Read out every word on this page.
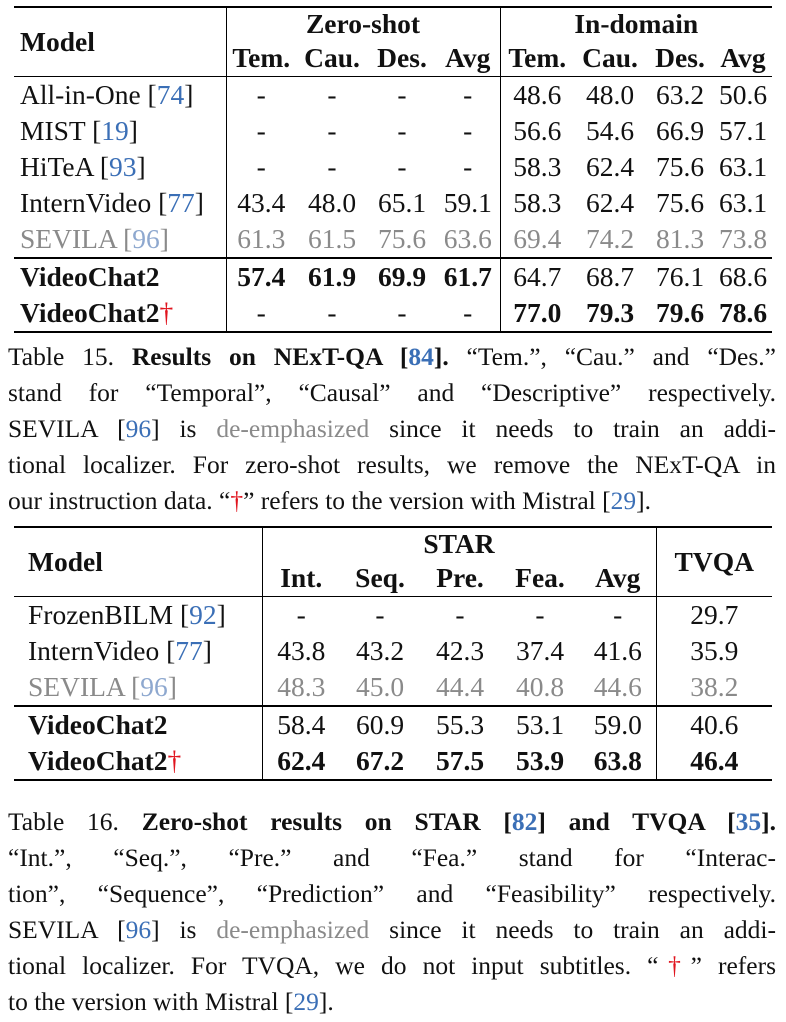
Model	Zero-shot				In-domain			
	Tem.	Cau.	Des.	Avg	Tem.	Cau.	Des.	Avg
All-in-One [74]	-	-	-	-	48.6	48.0	63.2	50.6
MIST [19]	-	-	-	-	56.6	54.6	66.9	57.1
HiTeA [93]	-	-	-	-	58.3	62.4	75.6	63.1
InternVideo [77]	43.4	48.0	65.1	59.1	58.3	62.4	75.6	63.1
SEVILA [96]	61.3	61.5	75.6	63.6	69.4	74.2	81.3	73.8
VideoChat2	57.4	61.9	69.9	61.7	64.7	68.7	76.1	68.6
VideoChat2†	-	-	-	-	77.0	79.3	79.6	78.6
Table 15. Results on NExT-QA [84]. “Tem.”, “Cau.” and “Des.”
stand for “Temporal”, “Causal” and “Descriptive” respectively.
SEVILA [96] is de-emphasized since it needs to train an addi-
tional localizer. For zero-shot results, we remove the NExT-QA in
our instruction data. “†” refers to the version with Mistral [29].
Model	STAR					TVQA
	Int.	Seq.	Pre.	Fea.	Avg	
FrozenBILM [92]	-	-	-	-	-	29.7
InternVideo [77]	43.8	43.2	42.3	37.4	41.6	35.9
SEVILA [96]	48.3	45.0	44.4	40.8	44.6	38.2
VideoChat2	58.4	60.9	55.3	53.1	59.0	40.6
VideoChat2†	62.4	67.2	57.5	53.9	63.8	46.4
Table 16. Zero-shot results on STAR [82] and TVQA [35].
“Int.”, “Seq.”, “Pre.” and “Fea.” stand for “Interac-
tion”, “Sequence”, “Prediction” and “Feasibility” respectively.
SEVILA [96] is de-emphasized since it needs to train an addi-
tional localizer. For TVQA, we do not input subtitles. “†” refers
to the version with Mistral [29].
